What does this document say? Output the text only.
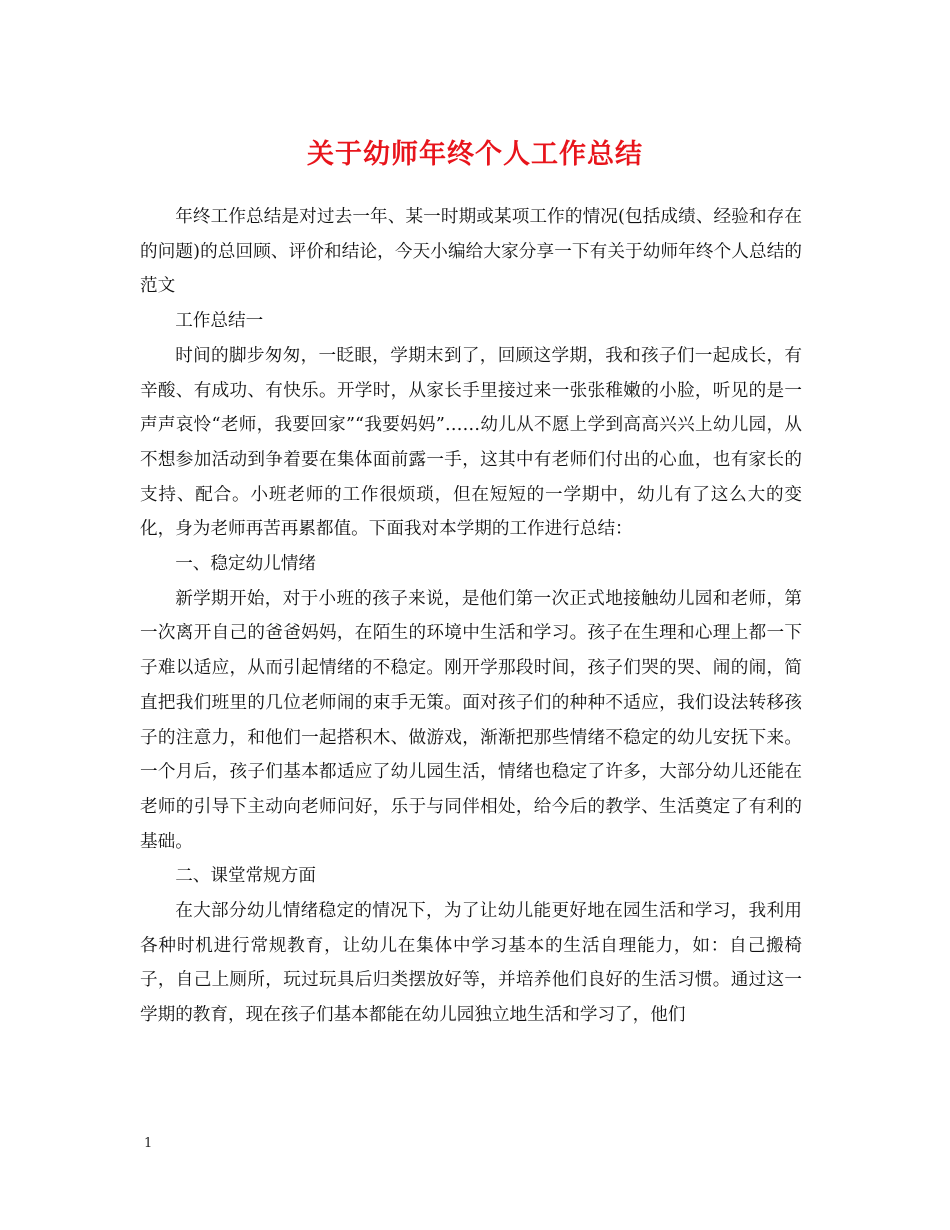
关于幼师年终个人工作总结

年终工作总结是对过去一年、某一时期或某项工作的情况(包括成绩、经验和存在的问题)的总回顾、评价和结论，今天小编给大家分享一下有关于幼师年终个人总结的范文

工作总结一

时间的脚步匆匆，一眨眼，学期末到了，回顾这学期，我和孩子们一起成长，有辛酸、有成功、有快乐。开学时，从家长手里接过来一张张稚嫩的小脸，听见的是一声声哀怜“老师，我要回家”“我要妈妈”……幼儿从不愿上学到高高兴兴上幼儿园，从不想参加活动到争着要在集体面前露一手，这其中有老师们付出的心血，也有家长的支持、配合。小班老师的工作很烦琐，但在短短的一学期中，幼儿有了这么大的变化，身为老师再苦再累都值。下面我对本学期的工作进行总结：

一、稳定幼儿情绪

新学期开始，对于小班的孩子来说，是他们第一次正式地接触幼儿园和老师，第一次离开自己的爸爸妈妈，在陌生的环境中生活和学习。孩子在生理和心理上都一下子难以适应，从而引起情绪的不稳定。刚开学那段时间，孩子们哭的哭、闹的闹，简直把我们班里的几位老师闹的束手无策。面对孩子们的种种不适应，我们设法转移孩子的注意力，和他们一起搭积木、做游戏，渐渐把那些情绪不稳定的幼儿安抚下来。一个月后，孩子们基本都适应了幼儿园生活，情绪也稳定了许多，大部分幼儿还能在老师的引导下主动向老师问好，乐于与同伴相处，给今后的教学、生活奠定了有利的基础。

二、课堂常规方面

在大部分幼儿情绪稳定的情况下，为了让幼儿能更好地在园生活和学习，我利用各种时机进行常规教育，让幼儿在集体中学习基本的生活自理能力，如：自己搬椅子，自己上厕所，玩过玩具后归类摆放好等，并培养他们良好的生活习惯。通过这一学期的教育，现在孩子们基本都能在幼儿园独立地生活和学习了，他们

1
